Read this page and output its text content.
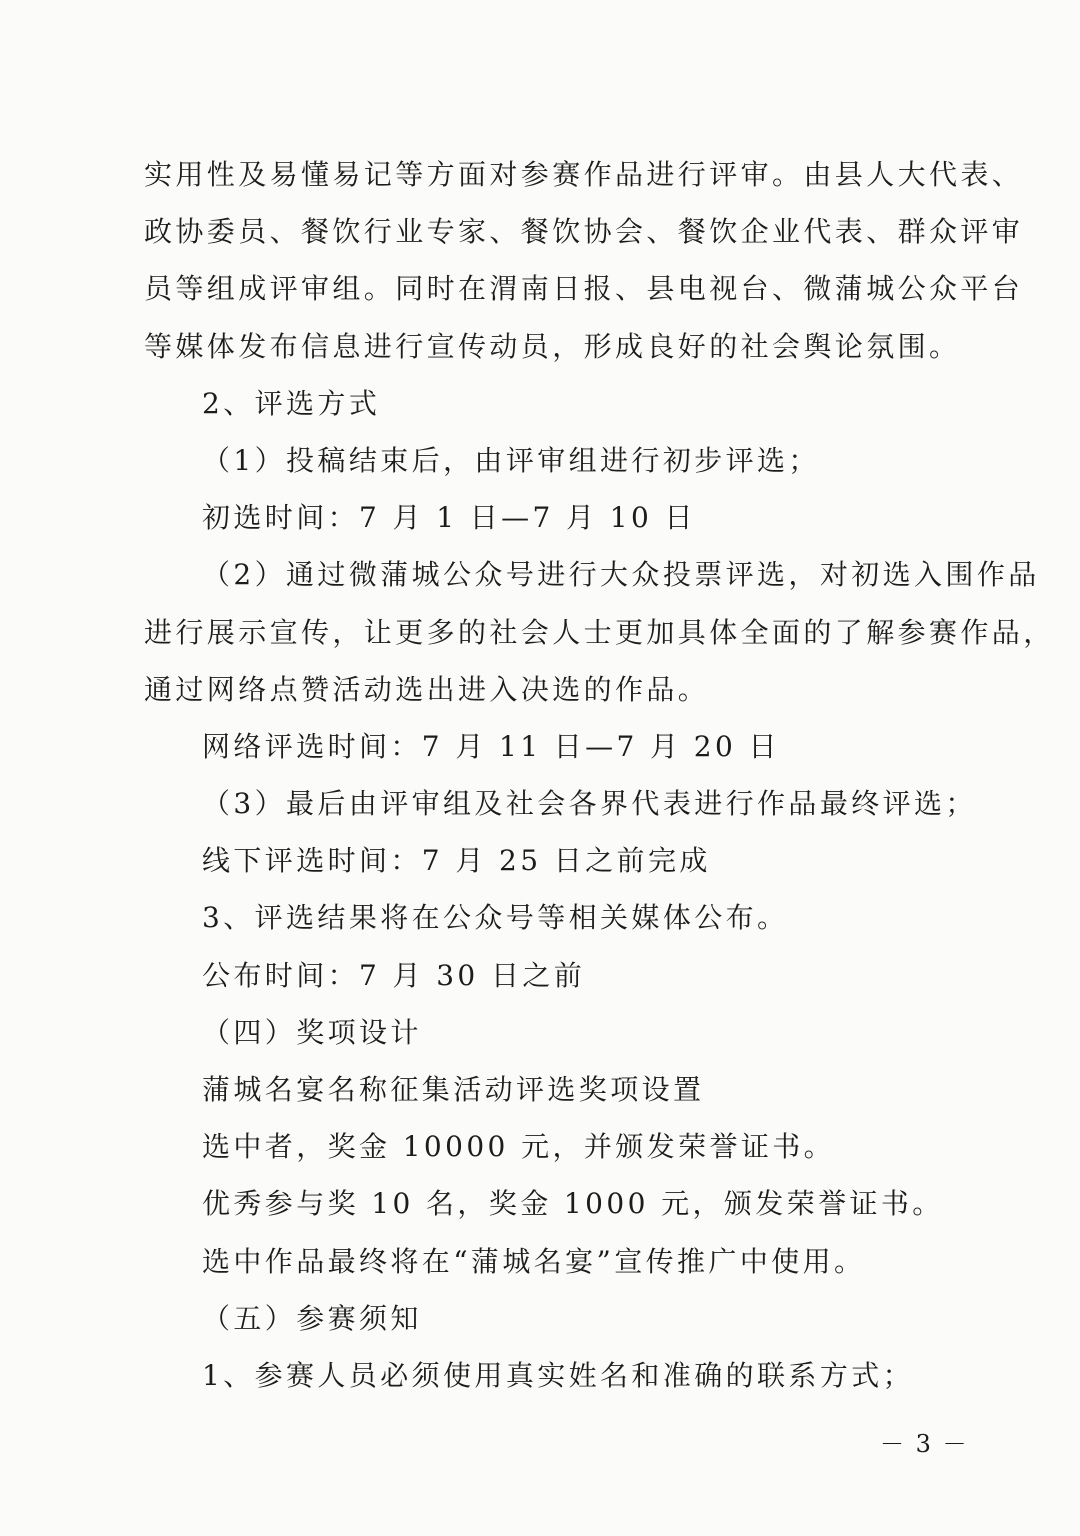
实用性及易懂易记等方面对参赛作品进行评审。由县人大代表、
政协委员、餐饮行业专家、餐饮协会、餐饮企业代表、群众评审
员等组成评审组。同时在渭南日报、县电视台、微蒲城公众平台
等媒体发布信息进行宣传动员，形成良好的社会舆论氛围。
2、评选方式
（1）投稿结束后，由评审组进行初步评选；
初选时间：7 月 1 日—7 月 10 日
（2）通过微蒲城公众号进行大众投票评选，对初选入围作品
进行展示宣传，让更多的社会人士更加具体全面的了解参赛作品，
通过网络点赞活动选出进入决选的作品。
网络评选时间：7 月 11 日—7 月 20 日
（3）最后由评审组及社会各界代表进行作品最终评选；
线下评选时间：7 月 25 日之前完成
3、评选结果将在公众号等相关媒体公布。
公布时间：7 月 30 日之前
（四）奖项设计
蒲城名宴名称征集活动评选奖项设置
选中者，奖金 10000 元，并颁发荣誉证书。
优秀参与奖 10 名，奖金 1000 元，颁发荣誉证书。
选中作品最终将在“蒲城名宴”宣传推广中使用。
（五）参赛须知
1、参赛人员必须使用真实姓名和准确的联系方式；
－ 3 －
